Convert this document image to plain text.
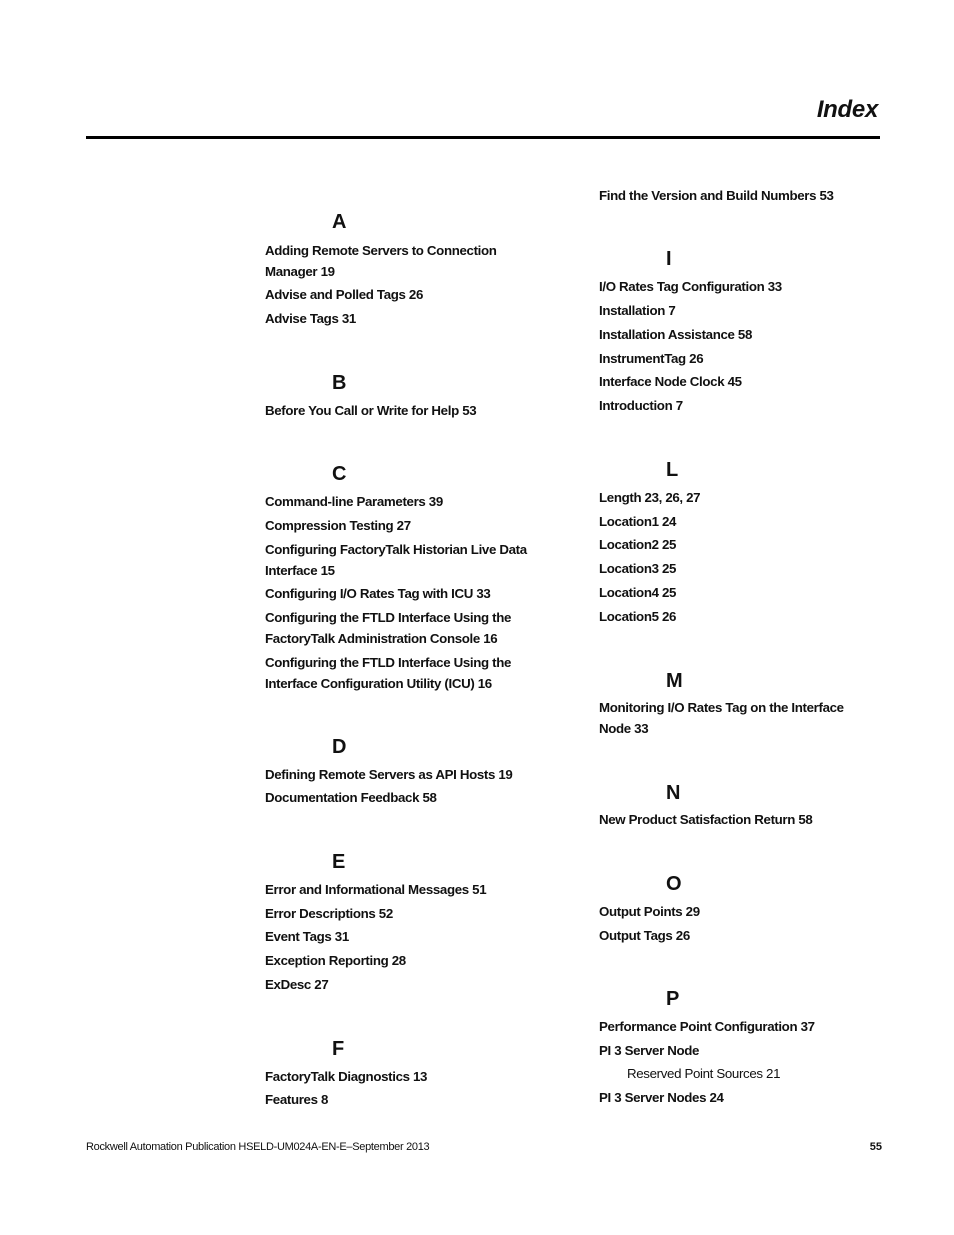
Index
A
Adding Remote Servers to Connection
Manager 19
Advise and Polled Tags 26
Advise Tags 31
B
Before You Call or Write for Help 53
C
Command-line Parameters 39
Compression Testing 27
Configuring FactoryTalk Historian Live Data
Interface 15
Configuring I/O Rates Tag with ICU 33
Configuring the FTLD Interface Using the
FactoryTalk Administration Console 16
Configuring the FTLD Interface Using the
Interface Configuration Utility (ICU) 16
D
Defining Remote Servers as API Hosts 19
Documentation Feedback 58
E
Error and Informational Messages 51
Error Descriptions 52
Event Tags 31
Exception Reporting 28
ExDesc 27
F
FactoryTalk Diagnostics 13
Features 8
Find the Version and Build Numbers 53
I
I/O Rates Tag Configuration 33
Installation 7
Installation Assistance 58
InstrumentTag 26
Interface Node Clock 45
Introduction 7
L
Length 23, 26, 27
Location1 24
Location2 25
Location3 25
Location4 25
Location5 26
M
Monitoring I/O Rates Tag on the Interface
Node 33
N
New Product Satisfaction Return 58
O
Output Points 29
Output Tags 26
P
Performance Point Configuration 37
PI 3 Server Node
Reserved Point Sources 21
PI 3 Server Nodes 24
Rockwell Automation Publication HSELD-UM024A-EN-E–September 2013	55
